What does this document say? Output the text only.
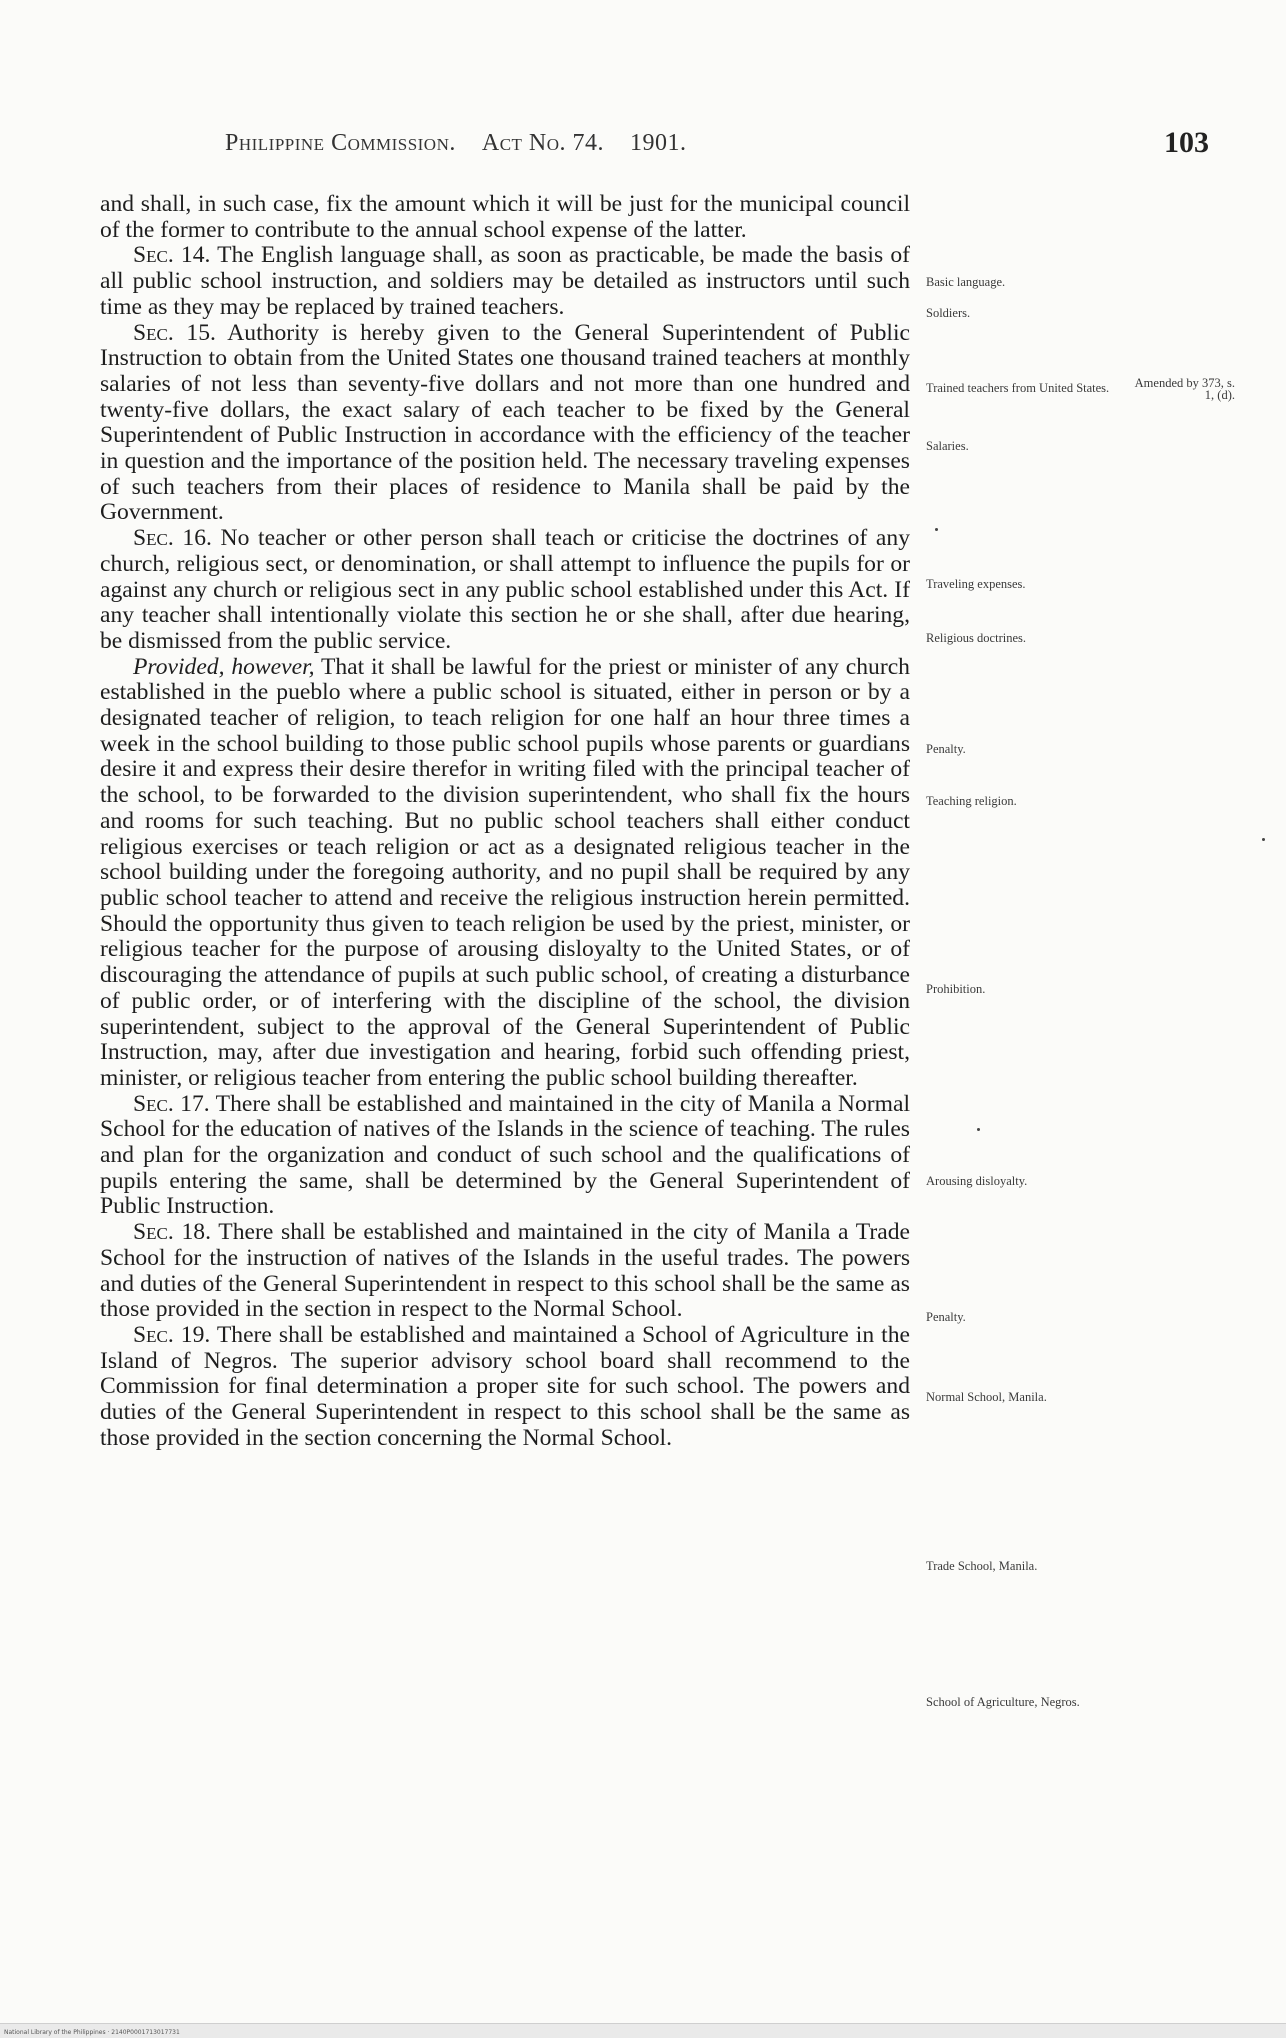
Philippine Commission. Act No. 74. 1901.	103

and shall, in such case, fix the amount which it will be just for the municipal council of the former to contribute to the annual school expense of the latter.

Sec. 14. The English language shall, as soon as practicable, be made the basis of all public school instruction, and soldiers may be detailed as instructors until such time as they may be replaced by trained teachers.

Sec. 15. Authority is hereby given to the General Superintendent of Public Instruction to obtain from the United States one thousand trained teachers at monthly salaries of not less than seventy-five dollars and not more than one hundred and twenty-five dollars, the exact salary of each teacher to be fixed by the General Superintendent of Public Instruction in accordance with the efficiency of the teacher in question and the importance of the position held. The necessary traveling expenses of such teachers from their places of residence to Manila shall be paid by the Government.

Sec. 16. No teacher or other person shall teach or criticise the doctrines of any church, religious sect, or denomination, or shall attempt to influence the pupils for or against any church or religious sect in any public school established under this Act. If any teacher shall intentionally violate this section he or she shall, after due hearing, be dismissed from the public service.

Provided, however, That it shall be lawful for the priest or minister of any church established in the pueblo where a public school is situated, either in person or by a designated teacher of religion, to teach religion for one half an hour three times a week in the school building to those public school pupils whose parents or guardians desire it and express their desire therefor in writing filed with the principal teacher of the school, to be forwarded to the division superintendent, who shall fix the hours and rooms for such teaching. But no public school teachers shall either conduct religious exercises or teach religion or act as a designated religious teacher in the school building under the foregoing authority, and no pupil shall be required by any public school teacher to attend and receive the religious instruction herein permitted. Should the opportunity thus given to teach religion be used by the priest, minister, or religious teacher for the purpose of arousing disloyalty to the United States, or of discouraging the attendance of pupils at such public school, of creating a disturbance of public order, or of interfering with the discipline of the school, the division superintendent, subject to the approval of the General Superintendent of Public Instruction, may, after due investigation and hearing, forbid such offending priest, minister, or religious teacher from entering the public school building thereafter.

Sec. 17. There shall be established and maintained in the city of Manila a Normal School for the education of natives of the Islands in the science of teaching. The rules and plan for the organization and conduct of such school and the qualifications of pupils entering the same, shall be determined by the General Superintendent of Public Instruction.

Sec. 18. There shall be established and maintained in the city of Manila a Trade School for the instruction of natives of the Islands in the useful trades. The powers and duties of the General Superintendent in respect to this school shall be the same as those provided in the section in respect to the Normal School.

Sec. 19. There shall be established and maintained a School of Agriculture in the Island of Negros. The superior advisory school board shall recommend to the Commission for final determination a proper site for such school. The powers and duties of the General Superintendent in respect to this school shall be the same as those provided in the section concerning the Normal School.

Basic language.
Soldiers.
Trained teachers from United States.	Amended by 373, s. 1, (d).
Salaries.
Traveling expenses.
Religious doctrines.
Penalty.
Teaching religion.
Prohibition.
Arousing disloyalty.
Penalty.
Normal School, Manila.
Trade School, Manila.
School of Agriculture, Negros.
National Library of the Philippines · 2140P0001713017731
